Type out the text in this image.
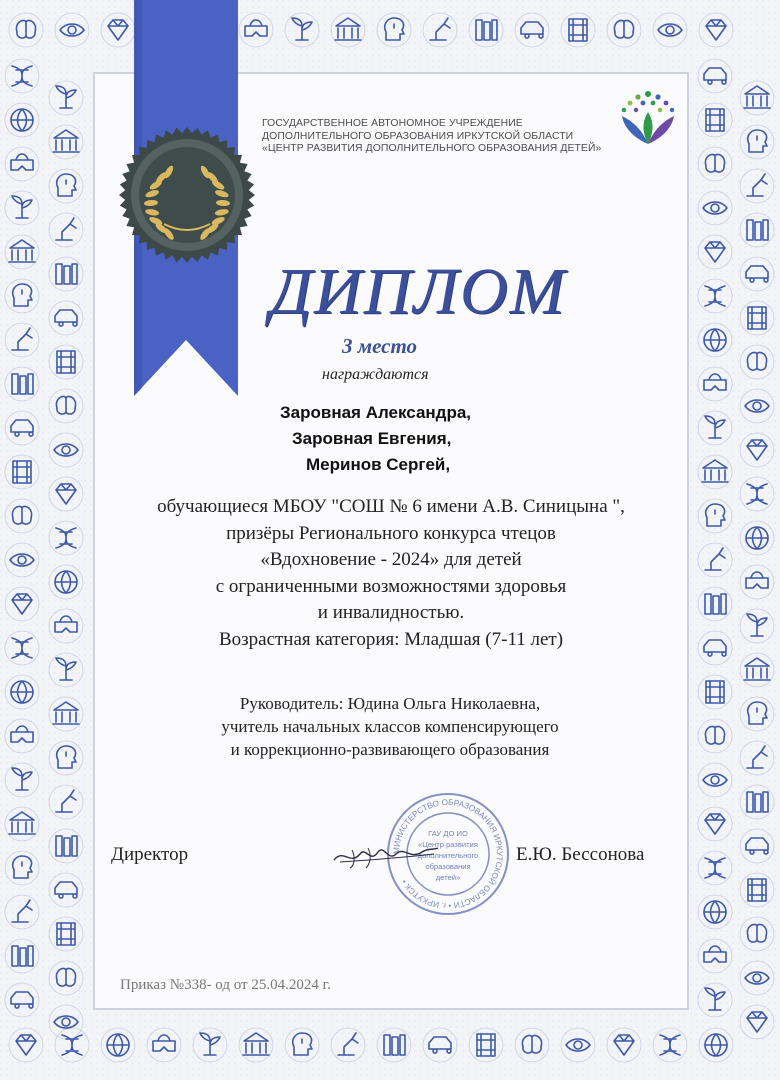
ГОСУДАРСТВЕННОЕ АВТОНОМНОЕ УЧРЕЖДЕНИЕ
ДОПОЛНИТЕЛЬНОГО ОБРАЗОВАНИЯ ИРКУТСКОЙ ОБЛАСТИ
«ЦЕНТР РАЗВИТИЯ ДОПОЛНИТЕЛЬНОГО ОБРАЗОВАНИЯ ДЕТЕЙ»
ДИПЛОМ
3 место
награждаются
Заровная Александра,
Заровная Евгения,
Меринов Сергей,
обучающиеся МБОУ "СОШ № 6 имени А.В. Синицына ",
призёры Регионального конкурса чтецов
«Вдохновение - 2024» для детей
с ограниченными возможностями здоровья
и инвалидностью.
Возрастная категория: Младшая (7-11 лет)
Руководитель: Юдина Ольга Николаевна,
учитель начальных классов компенсирующего
и коррекционно-развивающего образования
МИНИСТЕРСТВО ОБРАЗОВАНИЯ ИРКУТСКОЙ ОБЛАСТИ • г. ИРКУТСК •
ГАУ ДО ИО
«Центр развития
дополнительного
образования
детей»
Директор	Е.Ю. Бессонова
Приказ №338- од от 25.04.2024 г.
